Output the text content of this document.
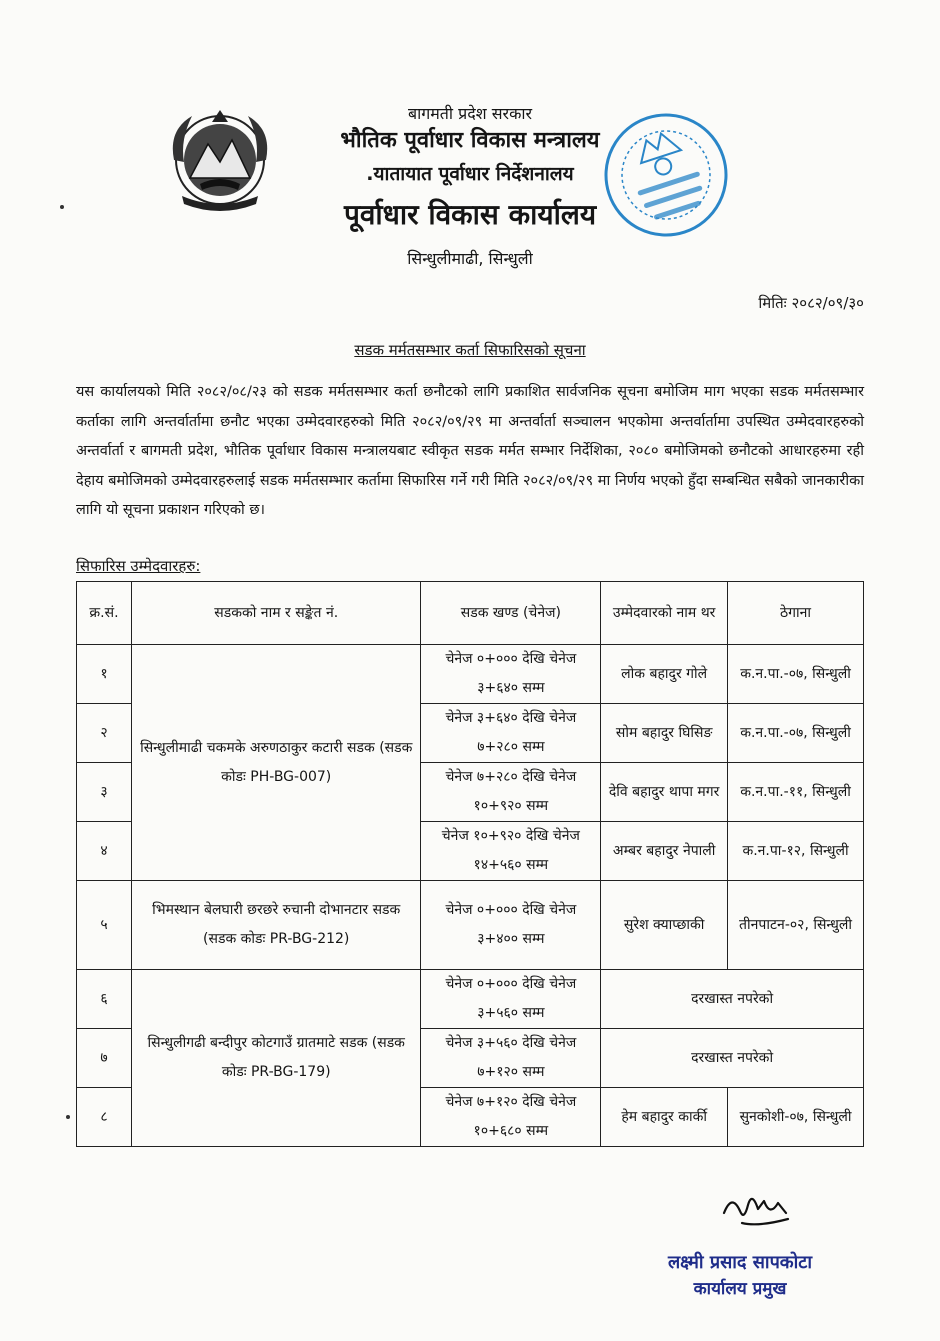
बागमती प्रदेश सरकार
भौतिक पूर्वाधार विकास मन्त्रालय
.यातायात पूर्वाधार निर्देशनालय
पूर्वाधार विकास कार्यालय
सिन्धुलीमाढी, सिन्धुली
मितिः २०८२/०९/३०
सडक मर्मतसम्भार कर्ता सिफारिसको सूचना
यस कार्यालयको मिति २०८२/०८/२३ को सडक मर्मतसम्भार कर्ता छनौटको लागि प्रकाशित सार्वजनिक सूचना बमोजिम माग भएका सडक मर्मतसम्भार कर्ताका लागि अन्तर्वार्तामा छनौट भएका उम्मेदवारहरुको मिति २०८२/०९/२९ मा अन्तर्वार्ता सञ्चालन भएकोमा अन्तर्वार्तामा उपस्थित उम्मेदवारहरुको अन्तर्वार्ता र बागमती प्रदेश, भौतिक पूर्वाधार विकास मन्त्रालयबाट स्वीकृत सडक मर्मत सम्भार निर्देशिका, २०८० बमोजिमको छनौटको आधारहरुमा रही देहाय बमोजिमको उम्मेदवारहरुलाई सडक मर्मतसम्भार कर्तामा सिफारिस गर्ने गरी मिति २०८२/०९/२९ मा निर्णय भएको हुँदा सम्बन्धित सबैको जानकारीका लागि यो सूचना प्रकाशन गरिएको छ।
सिफारिस उम्मेदवारहरु:
क्र.सं.	सडकको नाम र सङ्केत नं.	सडक खण्ड (चेनेज)	उम्मेदवारको नाम थर	ठेगाना
१	सिन्धुलीमाढी चकमके अरुणठाकुर कटारी सडक (सडक कोडः PH-BG-007)	चेनेज ०+००० देखि चेनेज ३+६४० सम्म	लोक बहादुर गोले	क.न.पा.-०७, सिन्धुली
२		चेनेज ३+६४० देखि चेनेज ७+२८० सम्म	सोम बहादुर घिसिङ	क.न.पा.-०७, सिन्धुली
३		चेनेज ७+२८० देखि चेनेज १०+९२० सम्म	देवि बहादुर थापा मगर	क.न.पा.-११, सिन्धुली
४		चेनेज १०+९२० देखि चेनेज १४+५६० सम्म	अम्बर बहादुर नेपाली	क.न.पा-१२, सिन्धुली
५	भिमस्थान बेलघारी छरछरे रुचानी दोभानटार सडक (सडक कोडः PR-BG-212)	चेनेज ०+००० देखि चेनेज ३+४०० सम्म	सुरेश क्याप्छाकी	तीनपाटन-०२, सिन्धुली
६	सिन्धुलीगढी बन्दीपुर कोटगाउँ ग्रातमाटे सडक (सडक कोडः PR-BG-179)	चेनेज ०+००० देखि चेनेज ३+५६० सम्म	दरखास्त नपरेको	
७		चेनेज ३+५६० देखि चेनेज ७+१२० सम्म	दरखास्त नपरेको	
८		चेनेज ७+१२० देखि चेनेज १०+६८० सम्म	हेम बहादुर कार्की	सुनकोशी-०७, सिन्धुली
लक्ष्मी प्रसाद सापकोटा
कार्यालय प्रमुख
